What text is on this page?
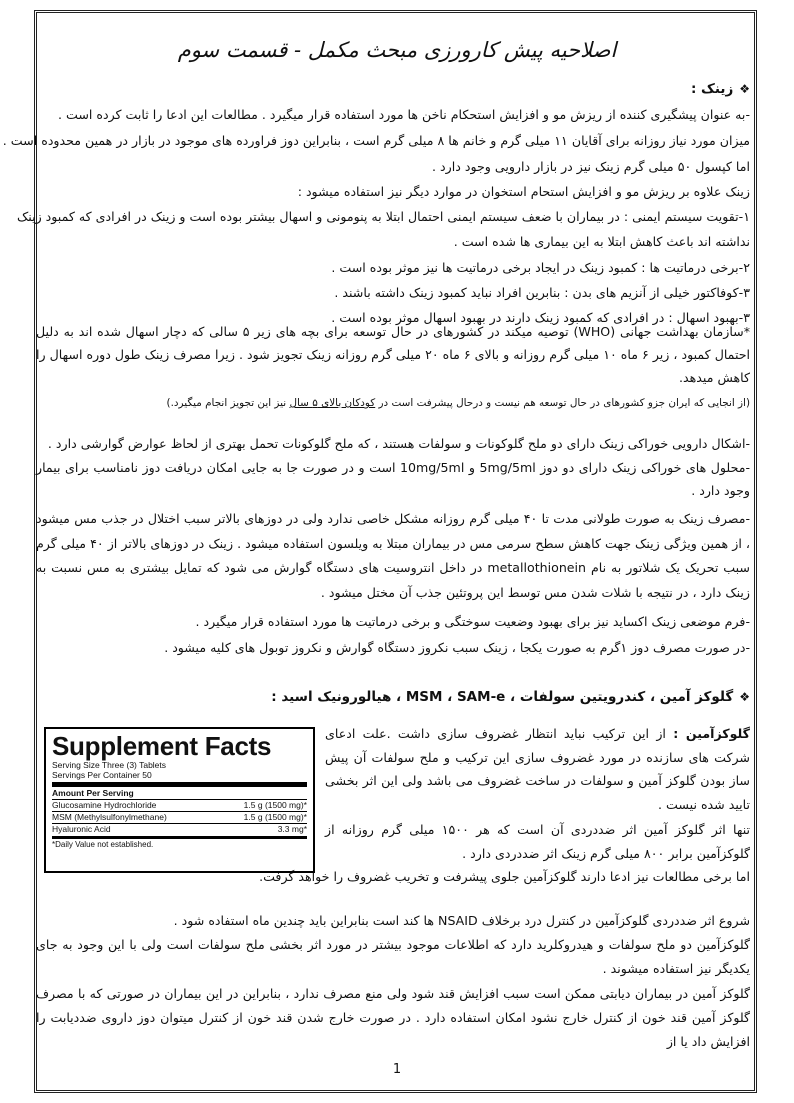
اصلاحیه پیش کارورزی مبحث مکمل - قسمت سوم
❖زینک :
-به عنوان پیشگیری کننده از ریزش مو و افزایش استحکام ناخن ها مورد استفاده قرار میگیرد . مطالعات این ادعا را ثابت کرده است .
میزان مورد نیاز روزانه برای آقایان ۱۱ میلی گرم و خانم ها ۸ میلی گرم است ، بنابراین دوز فراورده های موجود در بازار در همین محدوده است .
اما کپسول ۵۰ میلی گرم زینک نیز در بازار دارویی وجود دارد .
زینک علاوه بر ریزش مو و افزایش استحام استخوان در موارد دیگر نیز استفاده میشود :
۱-تقویت سیستم ایمنی : در بیماران با ضعف سیستم ایمنی احتمال ابتلا به پنومونی و اسهال بیشتر بوده است و زینک در افرادی که کمبود زینک
نداشته اند باعث کاهش ابتلا به این بیماری ها شده است .
۲-برخی درماتیت ها : کمبود زینک در ایجاد برخی درماتیت ها نیز موثر بوده است .
۳-کوفاکتور خیلی از آنزیم های بدن : بنابرین افراد نباید کمبود زینک داشته باشند .
۳-بهبود اسهال : در افرادی که کمبود زینک دارند در بهبود اسهال موثر بوده است .
*سازمان بهداشت جهانی (WHO) توصیه میکند در کشورهای در حال توسعه برای بچه های زیر ۵ سالی که دچار اسهال شده اند به دلیل احتمال کمبود ، زیر ۶ ماه ۱۰ میلی گرم روزانه و بالای ۶ ماه ۲۰ میلی گرم روزانه زینک تجویز شود . زیرا مصرف زینک طول دوره اسهال را کاهش میدهد.
(از انجایی که ایران جزو کشورهای در حال توسعه هم نیست و درحال پیشرفت است در کودکان بالای ۵ سال نیز این تجویز انجام میگیرد.)
-اشکال دارویی خوراکی زینک دارای دو ملح گلوکونات و سولفات هستند ، که ملح گلوکونات تحمل بهتری از لحاظ عوارض گوارشی دارد .
-محلول های خوراکی زینک دارای دو دوز 5mg/5ml و 10mg/5ml است و در صورت جا به جایی امکان دریافت دوز نامناسب برای بیمار وجود دارد .
-مصرف زینک به صورت طولانی مدت تا ۴۰ میلی گرم روزانه مشکل خاصی ندارد ولی در دوزهای بالاتر سبب اختلال در جذب مس میشود ، از همین ویژگی زینک جهت کاهش سطح سرمی مس در بیماران مبتلا به ویلسون استفاده میشود . زینک در دوزهای بالاتر از ۴۰ میلی گرم سبب تحریک یک شلاتور به نام metallothionein در داخل انتروسیت های دستگاه گوارش می شود که تمایل بیشتری به مس نسبت به زینک دارد ، در نتیجه با شلات شدن مس توسط این پروتئین جذب آن مختل میشود .
-فرم موضعی زینک اکساید نیز برای بهبود وضعیت سوختگی و برخی درماتیت ها مورد استفاده قرار میگیرد .
-در صورت مصرف دوز ۱گرم به صورت یکجا ، زینک سبب نکروز دستگاه گوارش و نکروز توبول های کلیه میشود .
❖گلوکز آمین ، کندرویتین سولفات ، MSM ، SAM-e ، هیالورونیک اسید :
گلوکزآمین : از این ترکیب نباید انتظار غضروف سازی داشت .علت ادعای شرکت های سازنده در مورد غضروف سازی این ترکیب و ملح سولفات آن پیش ساز بودن گلوکز آمین و سولفات در ساخت غضروف می باشد ولی این اثر بخشی تایید شده نیست .
تنها اثر گلوکز آمین اثر ضددردی آن است که هر ۱۵۰۰ میلی گرم روزانه از گلوکزآمین برابر ۸۰۰ میلی گرم زینک اثر ضددردی دارد .
اما برخی مطالعات نیز ادعا دارند گلوکزآمین جلوی پیشرفت و تخریب غضروف را خواهد گرفت.
شروع اثر ضددردی گلوکزآمین در کنترل درد برخلاف NSAID ها کند است بنابراین باید چندین ماه استفاده شود .
گلوکزآمین دو ملح سولفات و هیدروکلرید دارد که اطلاعات موجود بیشتر در مورد اثر بخشی ملح سولفات است ولی با این وجود به جای یکدیگر نیز استفاده میشوند .
گلوکز آمین در بیماران دیابتی ممکن است سبب افزایش قند شود ولی منع مصرف ندارد ، بنابراین در این بیماران در صورتی که با مصرف گلوکز آمین قند خون از کنترل خارج نشود امکان استفاده دارد . در صورت خارج شدن قند خون از کنترل میتوان دوز داروی ضددیابت را افزایش داد یا از
Supplement Facts
Serving Size Three (3) Tablets
Servings Per Container 50
Amount Per Serving
Glucosamine Hydrochloride	1.5 g (1500 mg)*
MSM (Methylsulfonylmethane)	1.5 g (1500 mg)*
Hyaluronic Acid	3.3 mg*
*Daily Value not established.
1
